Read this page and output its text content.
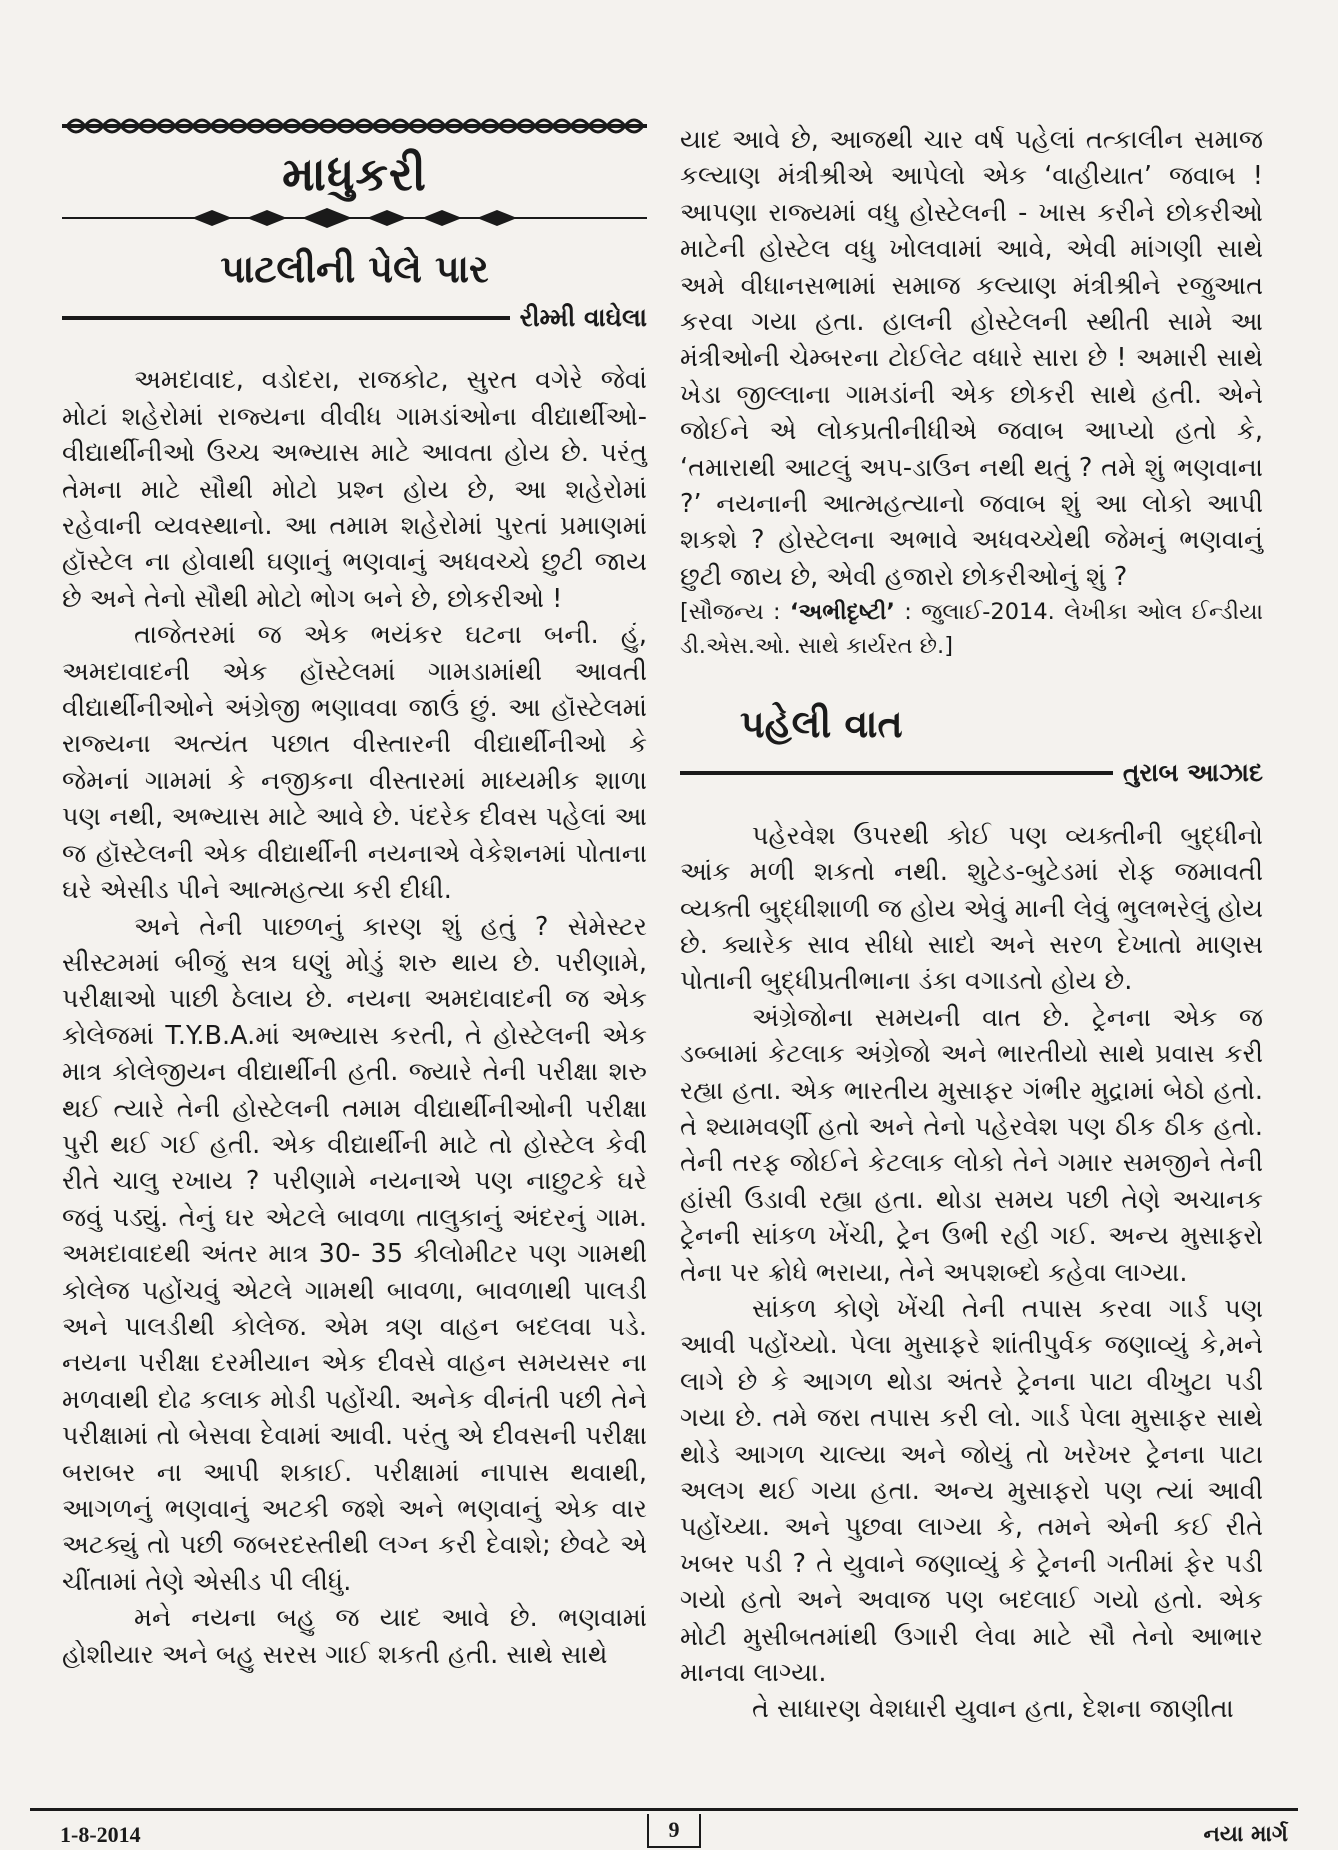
માધુકરી
પાટલીની પેલે પાર
રીમ્મી વાઘેલા

અમદાવાદ, વડોદરા, રાજકોટ, સુરત વગેરે જેવાં મોટાં શહેરોમાં રાજ્યના વીવીધ ગામડાંઓના વીદ્યાર્થીઓ-વીદ્યાર્થીનીઓ ઉચ્ચ અભ્યાસ માટે આવતા હોય છે. પરંતુ તેમના માટે સૌથી મોટો પ્રશ્ન હોય છે, આ શહેરોમાં રહેવાની વ્યવસ્થાનો. આ તમામ શહેરોમાં પુરતાં પ્રમાણમાં હૉસ્ટેલ ના હોવાથી ઘણાનું ભણવાનું અધવચ્ચે છુટી જાય છે અને તેનો સૌથી મોટો ભોગ બને છે, છોકરીઓ !

તાજેતરમાં જ એક ભયંકર ઘટના બની. હું, અમદાવાદની એક હૉસ્ટેલમાં ગામડામાંથી આવતી વીદ્યાર્થીનીઓને અંગ્રેજી ભણાવવા જાઉં છું. આ હૉસ્ટેલમાં રાજ્યના અત્યંત પછાત વીસ્તારની વીદ્યાર્થીનીઓ કે જેમનાં ગામમાં કે નજીકના વીસ્તારમાં માધ્યમીક શાળા પણ નથી, અભ્યાસ માટે આવે છે. પંદરેક દીવસ પહેલાં આ જ હૉસ્ટેલની એક વીદ્યાર્થીની નયનાએ વેકેશનમાં પોતાના ઘરે એસીડ પીને આત્મહત્યા કરી દીધી.

અને તેની પાછળનું કારણ શું હતું ? સેમેસ્ટર સીસ્ટમમાં બીજું સત્ર ઘણું મોડું શરુ થાય છે. પરીણામે, પરીક્ષાઓ પાછી ઠેલાય છે. નયના અમદાવાદની જ એક કોલેજમાં T.Y.B.A.માં અભ્યાસ કરતી, તે હોસ્ટેલની એક માત્ર કોલેજીયન વીદ્યાર્થીની હતી. જ્યારે તેની પરીક્ષા શરુ થઈ ત્યારે તેની હોસ્ટેલની તમામ વીદ્યાર્થીનીઓની પરીક્ષા પુરી થઈ ગઈ હતી. એક વીદ્યાર્થીની માટે તો હોસ્ટેલ કેવી રીતે ચાલુ રખાય ? પરીણામે નયનાએ પણ નાછુટકે ઘરે જવું પડ્યું. તેનું ઘર એટલે બાવળા તાલુકાનું અંદરનું ગામ. અમદાવાદથી અંતર માત્ર 30- 35 કીલોમીટર પણ ગામથી કોલેજ પહોંચવું એટલે ગામથી બાવળા, બાવળાથી પાલડી અને પાલડીથી કોલેજ. એમ ત્રણ વાહન બદલવા પડે. નયના પરીક્ષા દરમીયાન એક દીવસે વાહન સમયસર ના મળવાથી દોઢ કલાક મોડી પહોંચી. અનેક વીનંતી પછી તેને પરીક્ષામાં તો બેસવા દેવામાં આવી. પરંતુ એ દીવસની પરીક્ષા બરાબર ના આપી શકાઈ. પરીક્ષામાં નાપાસ થવાથી, આગળનું ભણવાનું અટકી જશે અને ભણવાનું એક વાર અટક્યું તો પછી જબરદસ્તીથી લગ્ન કરી દેવાશે; છેવટે એ ચીંતામાં તેણે એસીડ પી લીધું.

મને નયના બહુ જ યાદ આવે છે. ભણવામાં હોશીયાર અને બહુ સરસ ગાઈ શકતી હતી. સાથે સાથે

યાદ આવે છે, આજથી ચાર વર્ષ પહેલાં તત્કાલીન સમાજ કલ્યાણ મંત્રીશ્રીએ આપેલો એક ‘વાહીયાત’ જવાબ ! આપણા રાજ્યમાં વધુ હોસ્ટેલની - ખાસ કરીને છોકરીઓ માટેની હોસ્ટેલ વધુ ખોલવામાં આવે, એવી માંગણી સાથે અમે વીધાનસભામાં સમાજ કલ્યાણ મંત્રીશ્રીને રજુઆત કરવા ગયા હતા. હાલની હોસ્ટેલની સ્થીતી સામે આ મંત્રીઓની ચેમ્બરના ટોઈલેટ વધારે સારા છે ! અમારી સાથે ખેડા જીલ્લાના ગામડાંની એક છોકરી સાથે હતી. એને જોઈને એ લોકપ્રતીનીધીએ જવાબ આપ્યો હતો કે, ‘તમારાથી આટલું અપ-ડાઉન નથી થતું ? તમે શું ભણવાના ?’ નયનાની આત્મહત્યાનો જવાબ શું આ લોકો આપી શકશે ? હોસ્ટેલના અભાવે અધવચ્ચેથી જેમનું ભણવાનું છુટી જાય છે, એવી હજારો છોકરીઓનું શું ?

[સૌજન્ય : ‘અભીદૃષ્ટી’ : જુલાઈ-2014. લેખીકા ઓલ ઈન્ડીયા ડી.એસ.ઓ. સાથે કાર્યરત છે.]

પહેલી વાત
તુરાબ આઝાદ

પહેરવેશ ઉપરથી કોઈ પણ વ્યક્તીની બુદ્ધીનો આંક મળી શકતો નથી. શુટેડ-બુટેડમાં રોફ જમાવતી વ્યક્તી બુદ્ધીશાળી જ હોય એવું માની લેવું ભુલભરેલું હોય છે. ક્યારેક સાવ સીધો સાદો અને સરળ દેખાતો માણસ પોતાની બુદ્ધીપ્રતીભાના ડંકા વગાડતો હોય છે.

અંગ્રેજોના સમયની વાત છે. ટ્રેનના એક જ ડબ્બામાં કેટલાક અંગ્રેજો અને ભારતીયો સાથે પ્રવાસ કરી રહ્યા હતા. એક ભારતીય મુસાફર ગંભીર મુદ્રામાં બેઠો હતો. તે શ્યામવર્ણી હતો અને તેનો પહેરવેશ પણ ઠીક ઠીક હતો. તેની તરફ જોઈને કેટલાક લોકો તેને ગમાર સમજીને તેની હાંસી ઉડાવી રહ્યા હતા. થોડા સમય પછી તેણે અચાનક ટ્રેનની સાંકળ ખેંચી, ટ્રેન ઉભી રહી ગઈ. અન્ય મુસાફરો તેના પર ક્રોધે ભરાયા, તેને અપશબ્દો કહેવા લાગ્યા.

સાંકળ કોણે ખેંચી તેની તપાસ કરવા ગાર્ડ પણ આવી પહોંચ્યો. પેલા મુસાફરે શાંતીપુર્વક જણાવ્યું કે,મને લાગે છે કે આગળ થોડા અંતરે ટ્રેનના પાટા વીખુટા પડી ગયા છે. તમે જરા તપાસ કરી લો. ગાર્ડ પેલા મુસાફર સાથે થોડે આગળ ચાલ્યા અને જોયું તો ખરેખર ટ્રેનના પાટા અલગ થઈ ગયા હતા. અન્ય મુસાફરો પણ ત્યાં આવી પહોંચ્યા. અને પુછવા લાગ્યા કે, તમને એની કઈ રીતે ખબર પડી ? તે યુવાને જણાવ્યું કે ટ્રેનની ગતીમાં ફેર પડી ગયો હતો અને અવાજ પણ બદલાઈ ગયો હતો. એક મોટી મુસીબતમાંથી ઉગારી લેવા માટે સૌ તેનો આભાર માનવા લાગ્યા.

તે સાધારણ વેશધારી યુવાન હતા, દેશના જાણીતા

1-8-2014	9	નયા માર્ગ
